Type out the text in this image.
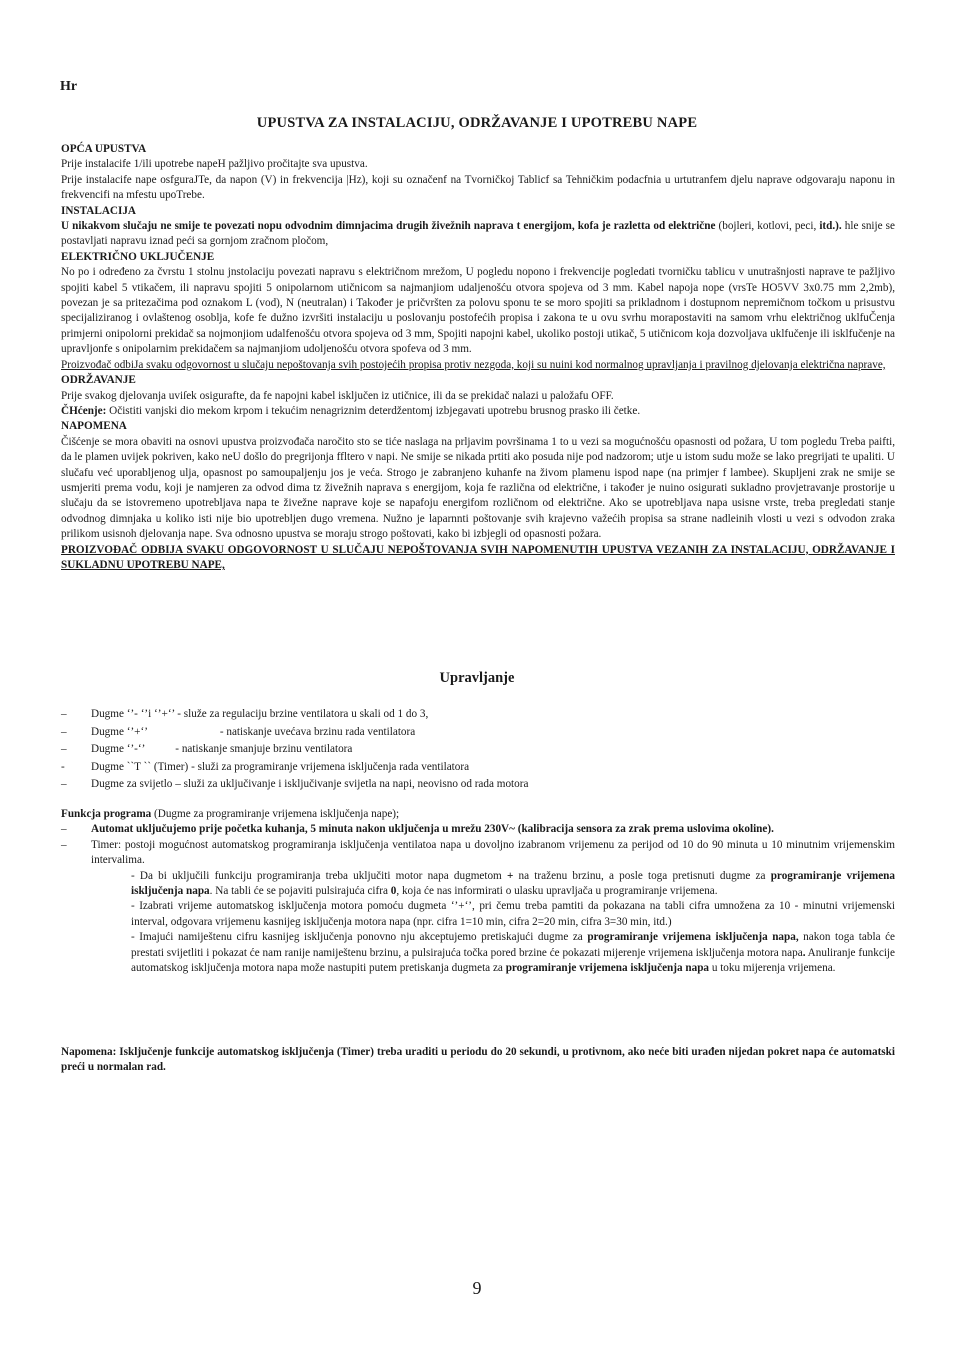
Hr
UPUSTVA ZA INSTALACIJU, ODRŽAVANJE I UPOTREBU NAPE

OPĆA UPUSTVA

Prije instalacife 1/ili upotrebe napeH pažljivo pročitajte sva upustva.

Prije instalacife nape osfguraJTe, da napon (V) in frekvencija |Hz), koji su označenf na Tvorničkoj Tablicf sa Tehničkim podacfnia u urtutranfem djelu naprave odgovaraju naponu in frekvencifi na mfestu upoTrebe.

INSTALACIJA

U nikakvom slučaju ne smije te povezati nopu odvodnim dimnjacima drugih živežnih naprava t energijom, kofa je razletta od električne (bojleri, kotlovi, peci, itd.). hle snije se postavljati napravu iznad peći sa gornjom zračnom pločom,

ELEKTRIČNO UKLJUČENJE

No po i određeno za čvrstu 1 stolnu jnstolaciju povezati napravu s električnom mrežom, U pogledu nopono i frekvencije pogledati tvorničku tablicu v unutrašnjosti naprave te pažljivo spojiti kabel 5 vtikačem, ili napravu spojiti 5 onipolarnom utičnicom sa najmanjiom udaljenošću otvora spojeva od 3 mm. Kabel napoja nope (vrsTe HO5VV 3x0.75 mm 2,2mb), povezan je sa pritezačima pod oznakom L (vod), N (neutralan) i Također je pričvršten za polovu sponu te se moro spojiti sa prikladnom i dostupnom nepremičnom točkom u prisustvu specijaliziranog i ovlaštenog osoblja, kofe fe dužno izvršiti instalaciju u poslovanju postofećih propisa i zakona te u ovu svrhu morapostaviti na samom vrhu električnog uklfuČenja primjerni onipolorni prekidač sa nojmonjiom udalfenošću otvora spojeva od 3 mm, Spojiti napojni kabel, ukoliko postoji utikač, 5 utičnicom koja dozvoljava uklfučenje ili isklfučenje na upravljonfe s onipolarnim prekidačem sa najmanjiom udoljenošću otvora spofeva od 3 mm.

Proizvođač odbiJa svaku odgovornost u slučaju nepoštovanja svih postojećih propisa protiv nezgoda, koji su nuini kod normalnog upravljanja i pravilnog djelovanja električna naprave,

ODRŽAVANJE

Prije svakog djelovanja uviſek osigurafte, da fe napojni kabel isključen iz utičnice, ili da se prekidač nalazi u paložafu OFF.

ČHćenje: Očistiti vanjski dio mekom krpom i tekućim nenagriznim deterdžentomj izbjegavati upotrebu brusnog prasko ili četke.

NAPOMENA

Čišćenje se mora obaviti na osnovi upustva proizvođača naročito sto se tiće naslaga na prljavim površinama 1 to u vezi sa mogućnošću opasnosti od požara, U tom pogledu Treba paifti, da le plamen uvijek pokriven, kako neU došlo do pregrijonja ffltero v napi. Ne smije se nikada prtiti ako posuda nije pod nadzorom; utje u istom sudu može se lako pregrijati te upaliti. U slučafu već uporabljenog ulja, opasnost po samoupaljenju jos je veća. Strogo je zabranjeno kuhanfe na živom plamenu ispod nape (na primjer f lambee). Skupljeni zrak ne smije se usmjeriti prema vodu, koji je namjeren za odvod dima tz živežnih naprava s energijom, koja fe različna od električne, i također je nuino osigurati sukladno provjetravanje prostorije u slučaju da se istovremeno upotrebljava napa te živežne naprave koje se napafoju energifom rozličnom od električne. Ako se upotrebljava napa usisne vrste, treba pregledati stanje odvodnog dimnjaka u koliko isti nije bio upotrebljen dugo vremena. Nužno je laparnnti poštovanje svih krajevno važećih propisa sa strane nadleinih vlosti u vezi s odvodon zraka prilikom usisnoh djelovanja nape. Sva odnosno upustva se moraju strogo poštovati, kako bi izbjegli od opasnosti požara.

PROIZVOĐAČ ODBIJA SVAKU ODGOVORNOST U SLUČAJU NEPOŠTOVANJA SVIH NAPOMENUTIH UPUSTVA VEZANIH ZA INSTALACIJU, ODRŽAVANJE I SUKLADNU UPOTREBU NAPE,

Upravljanje
– Dugme ‘’- ‘’i ‘’+‘’ - služe za regulaciju brzine ventilatora u skali od 1 do 3,
– Dugme ‘’+‘’                          - natiskanje uvećava brzinu rada ventilatora
– Dugme ‘’-‘’           - natiskanje smanjuje brzinu ventilatora
- Dugme ``T `` (Timer) - služi za programiranje vrijemena isključenja rada ventilatora
– Dugme za svijetlo – služi za uključivanje i isključivanje svijetla na napi, neovisno od rada motora

Funkcja programa (Dugme za programiranje vrijemena isključenja nape);

– Automat uključujemo prije početka kuhanja, 5 minuta nakon uključenja u mrežu 230V~ (kalibracija sensora za zrak prema uslovima okoline).

– Timer: postoji mogućnost automatskog programiranja isključenja ventilatoa napa u dovoljno izabranom vrijemenu za perijod od 10 do 90 minuta u 10 minutnim vrijemenskim intervalima.

- Da bi uključili funkciju programiranja treba uključiti motor napa dugmetom + na traženu brzinu, a posle toga pretisnuti dugme za programiranje vrijemena isključenja napa. Na tabli će se pojaviti pulsirajuća cifra 0, koja će nas informirati o ulasku upravljača u programiranje vrijemena.

- Izabrati vrijeme automatskog isključenja motora pomoću dugmeta ‘’+‘’, pri čemu treba pamtiti da pokazana na tabli cifra umnožena za 10 - minutni vrijemenski interval, odgovara vrijemenu kasnijeg isključenja motora napa (npr. cifra 1=10 min, cifra 2=20 min, cifra 3=30 min, itd.)

- Imajući namiještenu cifru kasnijeg isključenja ponovno nju akceptujemo pretiskajući dugme za programiranje vrijemena isključenja napa, nakon toga tabla će prestati svijetliti i pokazat će nam ranije namiještenu brzinu, a pulsirajuća točka pored brzine će pokazati mijerenje vrijemena isključenja motora napa. Anuliranje funkcije automatskog isključenja motora napa može nastupiti putem pretiskanja dugmeta za programiranje vrijemena isključenja napa u toku mijerenja vrijemena.

Napomena: Isključenje funkcije automatskog isključenja (Timer) treba uraditi u periodu do 20 sekundi, u protivnom, ako neće biti urađen nijedan pokret napa će automatski preći u normalan rad.
9
